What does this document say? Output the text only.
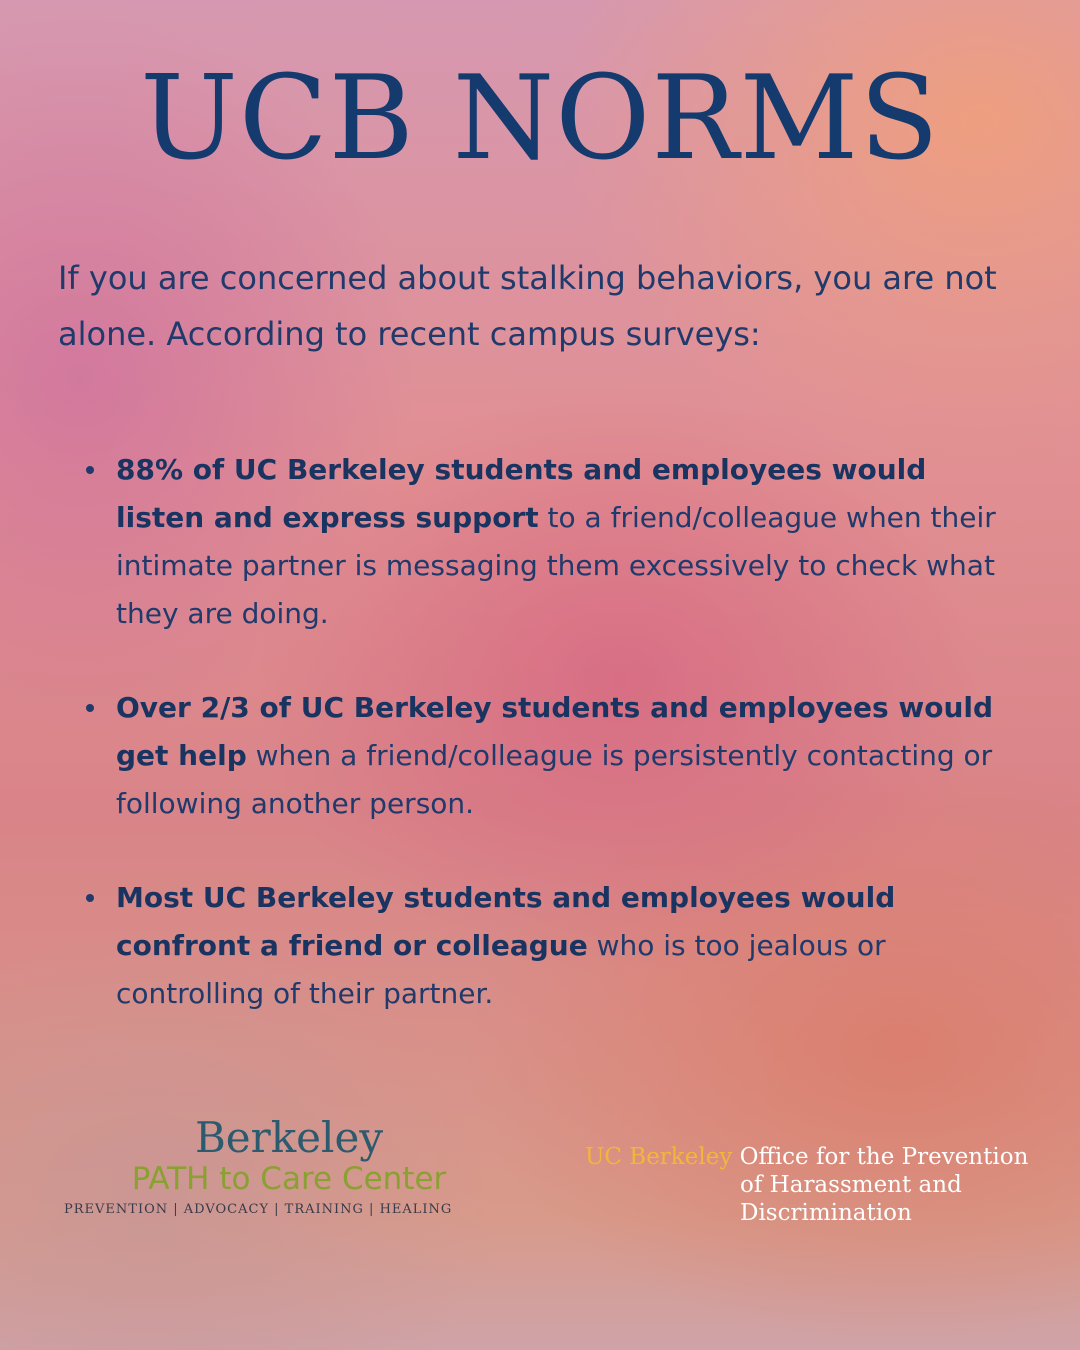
UCB NORMS

If you are concerned about stalking behaviors, you are not alone. According to recent campus surveys:

88% of UC Berkeley students and employees would listen and express support to a friend/colleague when their intimate partner is messaging them excessively to check what they are doing.
Over 2/3 of UC Berkeley students and employees would get help when a friend/colleague is persistently contacting or following another person.
Most UC Berkeley students and employees would confront a friend or colleague who is too jealous or controlling of their partner.
Berkeley
PATH to Care Center
PREVENTION | ADVOCACY | TRAINING | HEALING
UC Berkeley Office for the Prevention
of Harassment and
Discrimination
